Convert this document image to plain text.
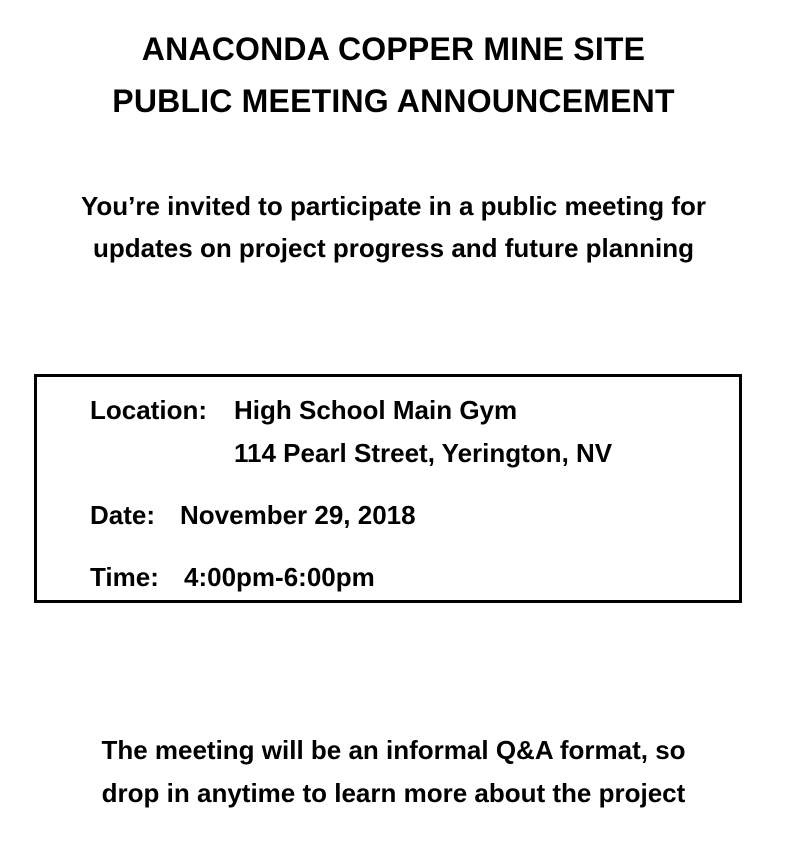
ANACONDA COPPER MINE SITE
PUBLIC MEETING ANNOUNCEMENT
You’re invited to participate in a public meeting for
updates on project progress and future planning
Location: High School Main Gym
114 Pearl Street, Yerington, NV
Date: November 29, 2018
Time: 4:00pm-6:00pm
The meeting will be an informal Q&A format, so
drop in anytime to learn more about the project
